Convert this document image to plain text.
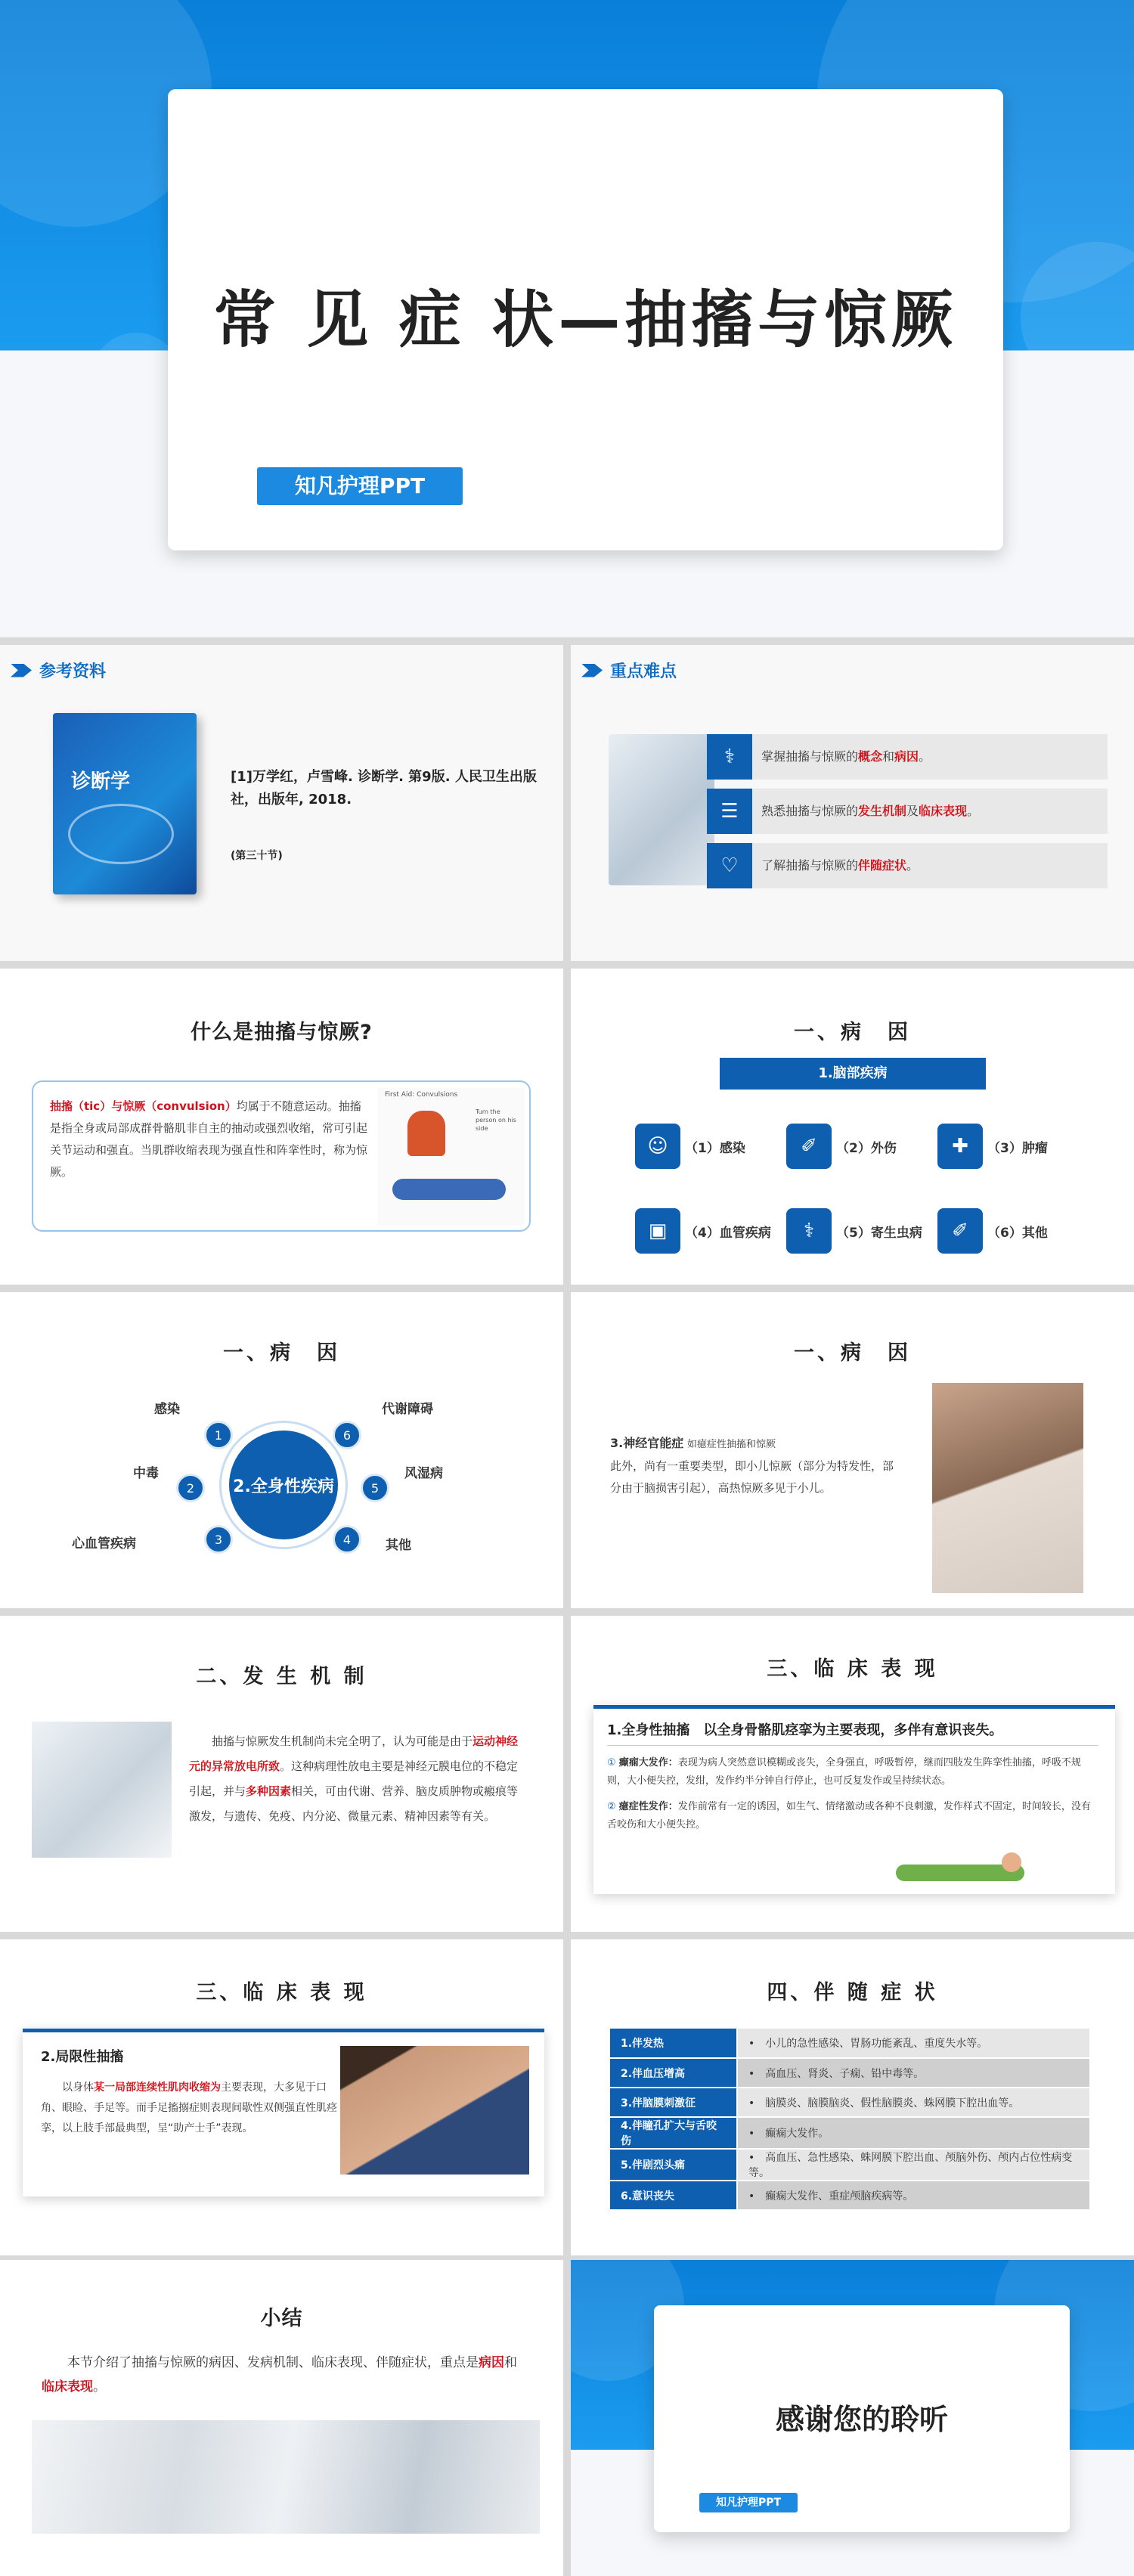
常 见 症 状—抽搐与惊厥
知凡护理PPT
参考资料
诊断学	[1]万学红，卢雪峰. 诊断学. 第9版. 人民卫生出版社，出版年, 2018.
(第三十节)
重点难点
⚕	掌握抽搐与惊厥的概念和病因。
☰	熟悉抽搐与惊厥的发生机制及临床表现。
♡	了解抽搐与惊厥的伴随症状。
什么是抽搐与惊厥?
抽搐（tic）与惊厥（convulsion）均属于不随意运动。抽搐是指全身或局部成群骨骼肌非自主的抽动或强烈收缩，常可引起关节运动和强直。当肌群收缩表现为强直性和阵挛性时，称为惊厥。
First Aid: Convulsions
Turn the person on his side
一、病　因
1.脑部疾病
☺	（1）感染	✐	（2）外伤	✚	（3）肿瘤
▣	（4）血管疾病	⚕	（5）寄生虫病	✐	（6）其他
一、病　因
2.全身性疾病
1
感染
2
中毒
3
心血管疾病	4	其他
5
风湿病
6
代谢障碍
一、病　因
3.神经官能症 如癔症性抽搐和惊厥
此外，尚有一重要类型，即小儿惊厥（部分为特发性，部分由于脑损害引起），高热惊厥多见于小儿。
二、发 生 机 制
抽搐与惊厥发生机制尚未完全明了，认为可能是由于运动神经元的异常放电所致。这种病理性放电主要是神经元膜电位的不稳定引起，并与多种因素相关，可由代谢、营养、脑皮质肿物或瘢痕等激发，与遗传、免疫、内分泌、微量元素、精神因素等有关。
三、临 床 表 现
1.全身性抽搐　以全身骨骼肌痉挛为主要表现，多伴有意识丧失。
① 癫痫大发作：表现为病人突然意识模糊或丧失，全身强直，呼吸暂停，继而四肢发生阵挛性抽搐，呼吸不规则，大小便失控，发绀，发作约半分钟自行停止，也可反复发作或呈持续状态。
② 癔症性发作：发作前常有一定的诱因，如生气、情绪激动或各种不良刺激，发作样式不固定，时间较长，没有舌咬伤和大小便失控。
三、临 床 表 现
2.局限性抽搐
以身体某一局部连续性肌肉收缩为主要表现，大多见于口角、眼睑、手足等。而手足搐搦症则表现间歇性双侧强直性肌痉挛，以上肢手部最典型，呈“助产士手”表现。
四、伴 随 症 状
1.伴发热	•　小儿的急性感染、胃肠功能紊乱、重度失水等。
2.伴血压增高	•　高血压、肾炎、子痫、铅中毒等。
3.伴脑膜刺激征	•　脑膜炎、脑膜脑炎、假性脑膜炎、蛛网膜下腔出血等。
4.伴瞳孔扩大与舌咬伤	•　癫痫大发作。
5.伴剧烈头痛	•　高血压、急性感染、蛛网膜下腔出血、颅脑外伤、颅内占位性病变等。
6.意识丧失	•　癫痫大发作、重症颅脑疾病等。
小结
本节介绍了抽搐与惊厥的病因、发病机制、临床表现、伴随症状，重点是病因和临床表现。
感谢您的聆听
知凡护理PPT
